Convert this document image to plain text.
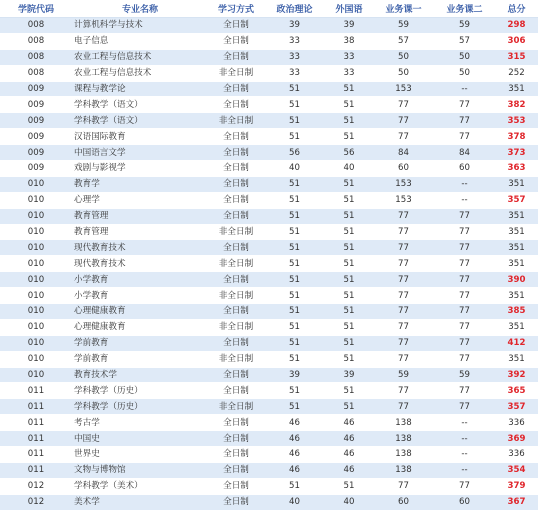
学院代码	专业名称	学习方式	政治理论	外国语	业务课一	业务课二	总分
008	计算机科学与技术	全日制	39	39	59	59	298
008	电子信息	全日制	33	38	57	57	306
008	农业工程与信息技术	全日制	33	33	50	50	315
008	农业工程与信息技术	非全日制	33	33	50	50	252
009	课程与教学论	全日制	51	51	153	--	351
009	学科教学（语文）	全日制	51	51	77	77	382
009	学科教学（语文）	非全日制	51	51	77	77	353
009	汉语国际教育	全日制	51	51	77	77	378
009	中国语言文学	全日制	56	56	84	84	373
009	戏剧与影视学	全日制	40	40	60	60	363
010	教育学	全日制	51	51	153	--	351
010	心理学	全日制	51	51	153	--	357
010	教育管理	全日制	51	51	77	77	351
010	教育管理	非全日制	51	51	77	77	351
010	现代教育技术	全日制	51	51	77	77	351
010	现代教育技术	非全日制	51	51	77	77	351
010	小学教育	全日制	51	51	77	77	390
010	小学教育	非全日制	51	51	77	77	351
010	心理健康教育	全日制	51	51	77	77	385
010	心理健康教育	非全日制	51	51	77	77	351
010	学前教育	全日制	51	51	77	77	412
010	学前教育	非全日制	51	51	77	77	351
010	教育技术学	全日制	39	39	59	59	392
011	学科教学（历史）	全日制	51	51	77	77	365
011	学科教学（历史）	非全日制	51	51	77	77	357
011	考古学	全日制	46	46	138	--	336
011	中国史	全日制	46	46	138	--	369
011	世界史	全日制	46	46	138	--	336
011	文物与博物馆	全日制	46	46	138	--	354
012	学科教学（美术）	全日制	51	51	77	77	379
012	美术学	全日制	40	40	60	60	367
